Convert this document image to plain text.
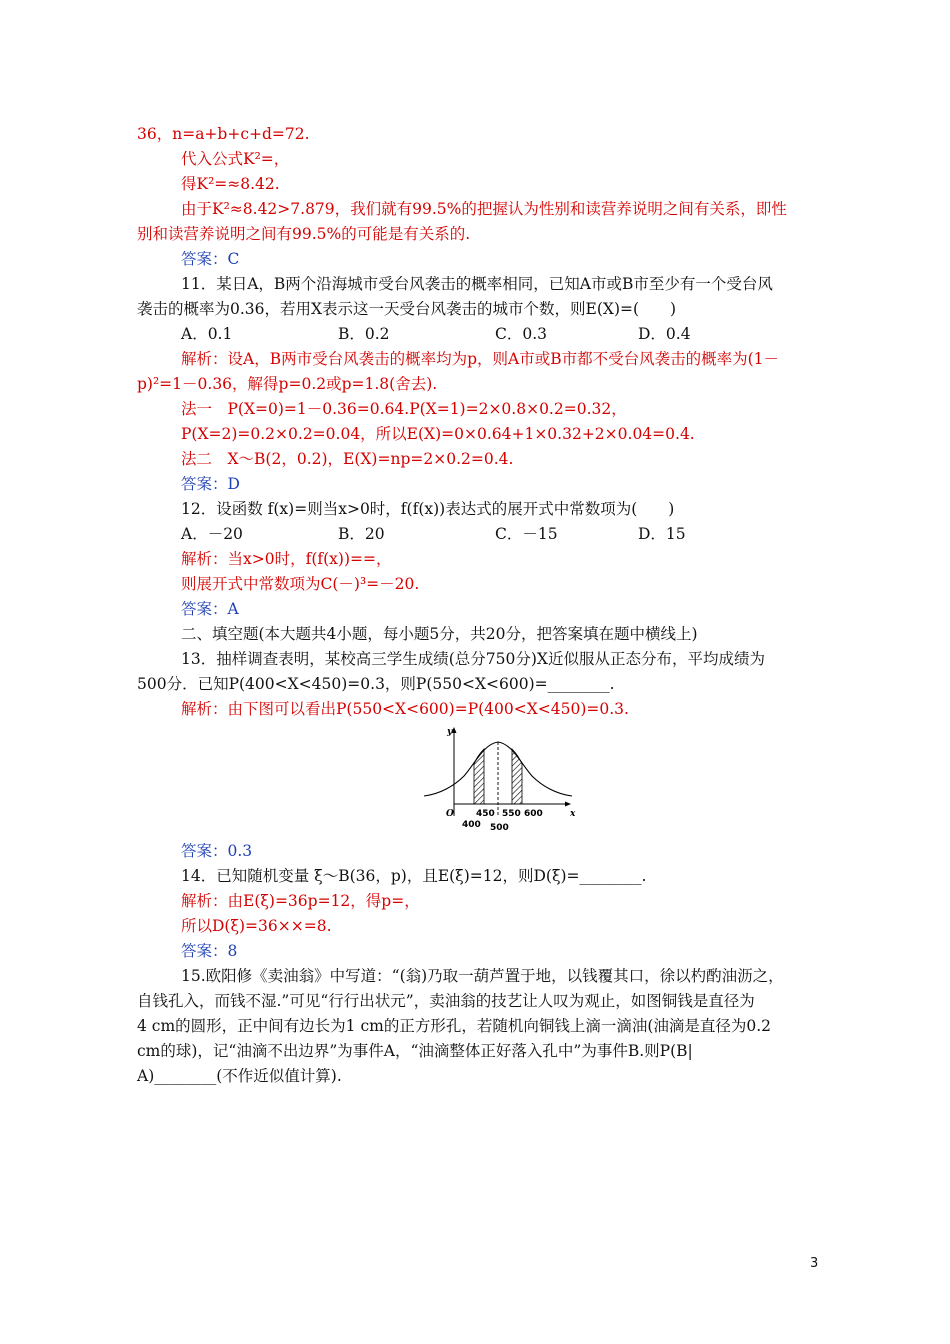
36，n=a+b+c+d=72.
代入公式K²=，
得K²=≈8.42.
由于K²≈8.42>7.879，我们就有99.5%的把握认为性别和读营养说明之间有关系，即性
别和读营养说明之间有99.5%的可能是有关系的.
答案：C
11．某日A，B两个沿海城市受台风袭击的概率相同，已知A市或B市至少有一个受台风
袭击的概率为0.36，若用X表示这一天受台风袭击的城市个数，则E(X)=(　　)
A．0.1	B．0.2	C．0.3	D．0.4
解析：设A，B两市受台风袭击的概率均为p，则A市或B市都不受台风袭击的概率为(1－
p)²=1－0.36，解得p=0.2或p=1.8(舍去).
法一　P(X=0)=1－0.36=0.64.P(X=1)=2×0.8×0.2=0.32，
P(X=2)=0.2×0.2=0.04，所以E(X)=0×0.64+1×0.32+2×0.04=0.4.
法二　X～B(2，0.2)，E(X)=np=2×0.2=0.4.
答案：D
12．设函数 f(x)=则当x>0时，f(f(x))表达式的展开式中常数项为(　　)
A．－20	B．20	C．－15	D．15
解析：当x>0时，f(f(x))==，
则展开式中常数项为C(－)³=－20.
答案：A
二、填空题(本大题共4小题，每小题5分，共20分，把答案填在题中横线上)
13．抽样调查表明，某校高三学生成绩(总分750分)X近似服从正态分布，平均成绩为
500分．已知P(400<X<450)=0.3，则P(550<X<600)=________.
解析：由下图可以看出P(550<X<600)=P(400<X<450)=0.3.
y
x
O
400
450 550 600
500
答案：0.3
14．已知随机变量 ξ～B(36，p)，且E(ξ)=12，则D(ξ)=________.
解析：由E(ξ)=36p=12，得p=，
所以D(ξ)=36××=8.
答案：8
15.欧阳修《卖油翁》中写道：“(翁)乃取一葫芦置于地，以钱覆其口，徐以杓酌油沥之，
自钱孔入，而钱不湿.”可见“行行出状元”，卖油翁的技艺让人叹为观止，如图铜钱是直径为
4 cm的圆形，正中间有边长为1 cm的正方形孔，若随机向铜钱上滴一滴油(油滴是直径为0.2
cm的球)，记“油滴不出边界”为事件A，“油滴整体正好落入孔中”为事件B.则P(B|
A)________(不作近似值计算).
3
